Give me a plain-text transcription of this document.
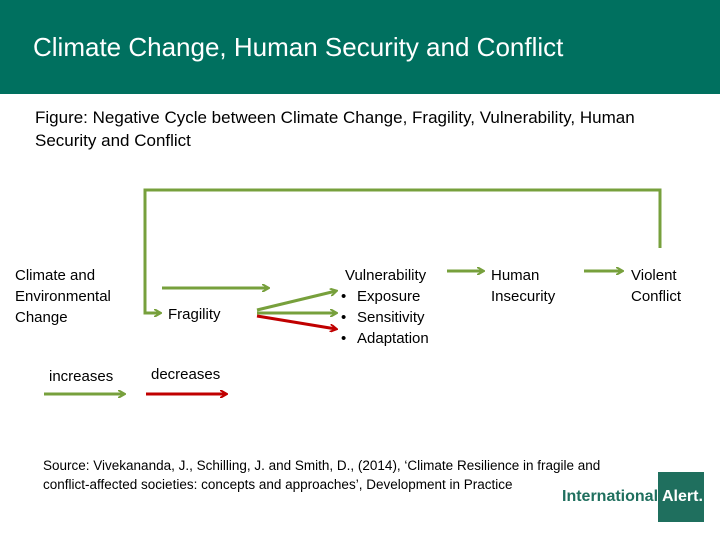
Climate Change, Human Security and Conflict
Figure: Negative Cycle between Climate Change, Fragility, Vulnerability, Human Security and Conflict
Climate and Environmental Change	Fragility
Vulnerability
• Exposure
• Sensitivity
• Adaptation
Human Insecurity
Violent Conflict
increases	decreases
Source: Vivekananda, J., Schilling, J. and Smith, D., (2014), ‘Climate Resilience in fragile and conflict-affected societies: concepts and approaches’, Development in Practice
International Alert.
